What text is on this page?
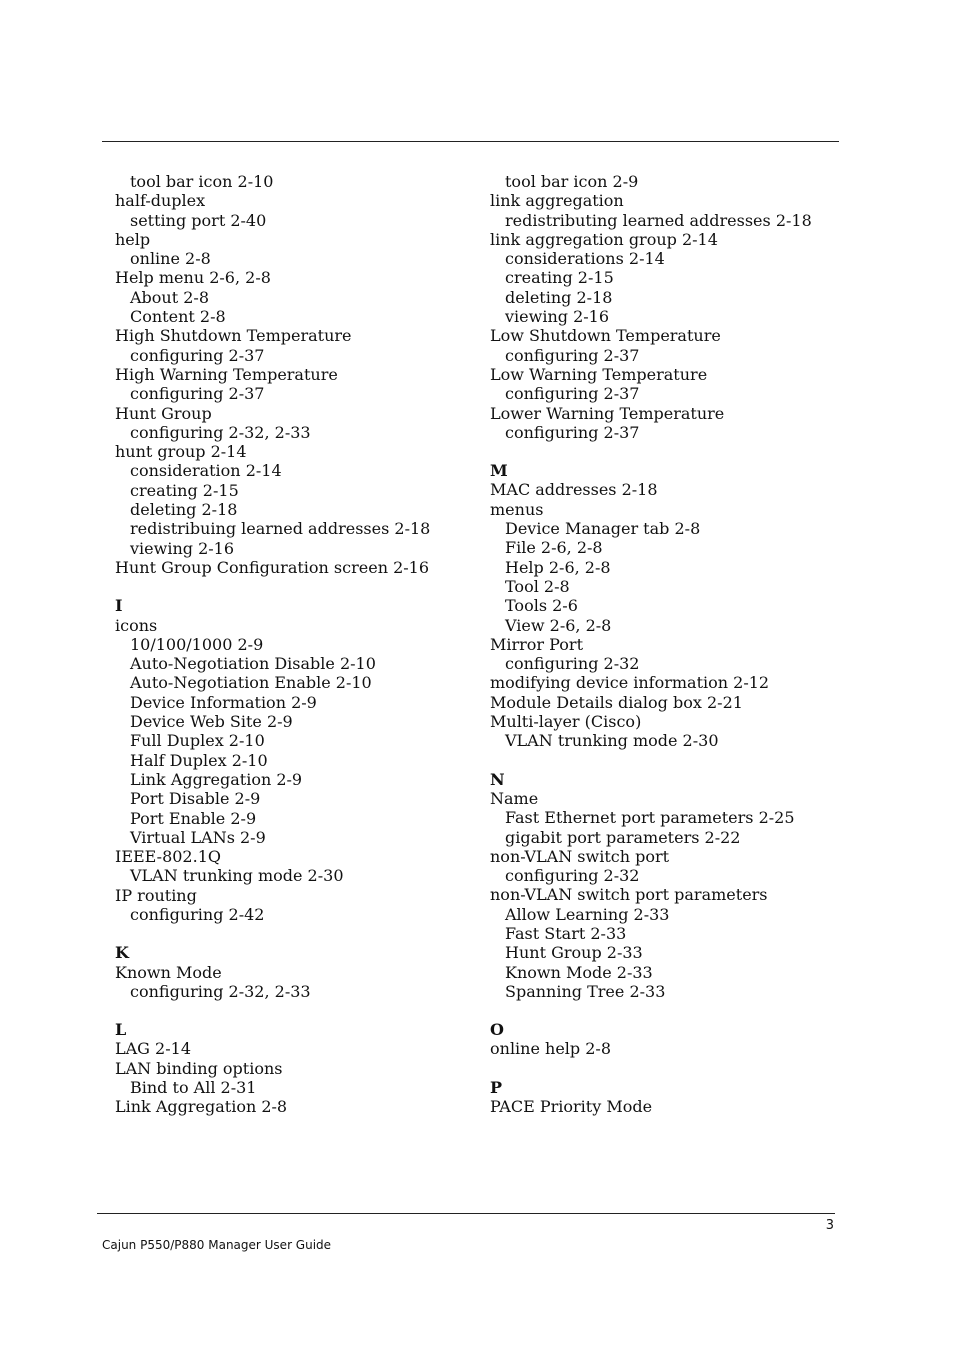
tool bar icon 2-10
half-duplex
setting port 2-40
help
online 2-8
Help menu 2-6, 2-8
About 2-8
Content 2-8
High Shutdown Temperature
configuring 2-37
High Warning Temperature
configuring 2-37
Hunt Group
configuring 2-32, 2-33
hunt group 2-14
consideration 2-14
creating 2-15
deleting 2-18
redistribuing learned addresses 2-18
viewing 2-16
Hunt Group Configuration screen 2-16
I
icons
10/100/1000 2-9
Auto-Negotiation Disable 2-10
Auto-Negotiation Enable 2-10
Device Information 2-9
Device Web Site 2-9
Full Duplex 2-10
Half Duplex 2-10
Link Aggregation 2-9
Port Disable 2-9
Port Enable 2-9
Virtual LANs 2-9
IEEE-802.1Q
VLAN trunking mode 2-30
IP routing
configuring 2-42
K
Known Mode
configuring 2-32, 2-33
L
LAG 2-14
LAN binding options
Bind to All 2-31
Link Aggregation 2-8
tool bar icon 2-9
link aggregation
redistributing learned addresses 2-18
link aggregation group 2-14
considerations 2-14
creating 2-15
deleting 2-18
viewing 2-16
Low Shutdown Temperature
configuring 2-37
Low Warning Temperature
configuring 2-37
Lower Warning Temperature
configuring 2-37
M
MAC addresses 2-18
menus
Device Manager tab 2-8
File 2-6, 2-8
Help 2-6, 2-8
Tool 2-8
Tools 2-6
View 2-6, 2-8
Mirror Port
configuring 2-32
modifying device information 2-12
Module Details dialog box 2-21
Multi-layer (Cisco)
VLAN trunking mode 2-30
N
Name
Fast Ethernet port parameters 2-25
gigabit port parameters 2-22
non-VLAN switch port
configuring 2-32
non-VLAN switch port parameters
Allow Learning 2-33
Fast Start 2-33
Hunt Group 2-33
Known Mode 2-33
Spanning Tree 2-33
O
online help 2-8
P
PACE Priority Mode
3
Cajun P550/P880 Manager User Guide
